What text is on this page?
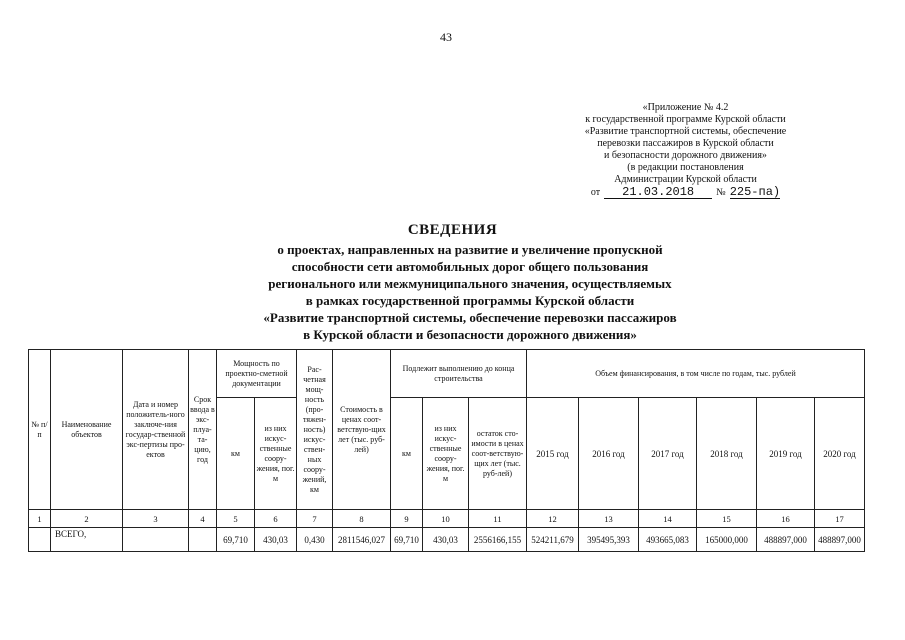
43
«Приложение № 4.2
к государственной программе Курской области
«Развитие транспортной системы, обеспечение
перевозки пассажиров в Курской области
и безопасности дорожного движения»
(в редакции постановления
Администрации Курской области
от	21.03.2018	№ 225-па)
СВЕДЕНИЯ
о проектах, направленных на развитие и увеличение пропускной
способности сети автомобильных дорог общего пользования
регионального или межмуниципального значения, осуществляемых
в рамках государственной программы Курской области
«Развитие транспортной системы, обеспечение перевозки пассажиров
в Курской области и безопасности дорожного движения»
№ п/п	Наименование объектов	Дата и номер положитель-ного заключе-ния государ-ственной экс-пертизы про-ектов	Срок ввода в экс-плуа-та-цию, год	Мощность по проектно-сметной документации		Рас-четная мощ-ность (про-тяжен-ность) искус-ствен-ных соору-жений, км	Стоимость в ценах соот-ветствую-щих лет (тыс. руб-лей)	Подлежит выполнению до конца строительства			Объем финансирования, в том числе по годам, тыс. рублей					
				км	из них искус-ственные соору-жения, пог. м			км	из них искус-ственные соору-жения, пог. м	остаток сто-имости в ценах соот-ветствую-щих лет (тыс. руб-лей)	2015 год	2016 год	2017 год	2018 год	2019 год	2020 год
1	2	3	4	5	6	7	8	9	10	11	12	13	14	15	16	17
	ВСЕГО,			69,710	430,03	0,430	2811546,027	69,710	430,03	2556166,155	524211,679	395495,393	493665,083	165000,000	488897,000	488897,000
